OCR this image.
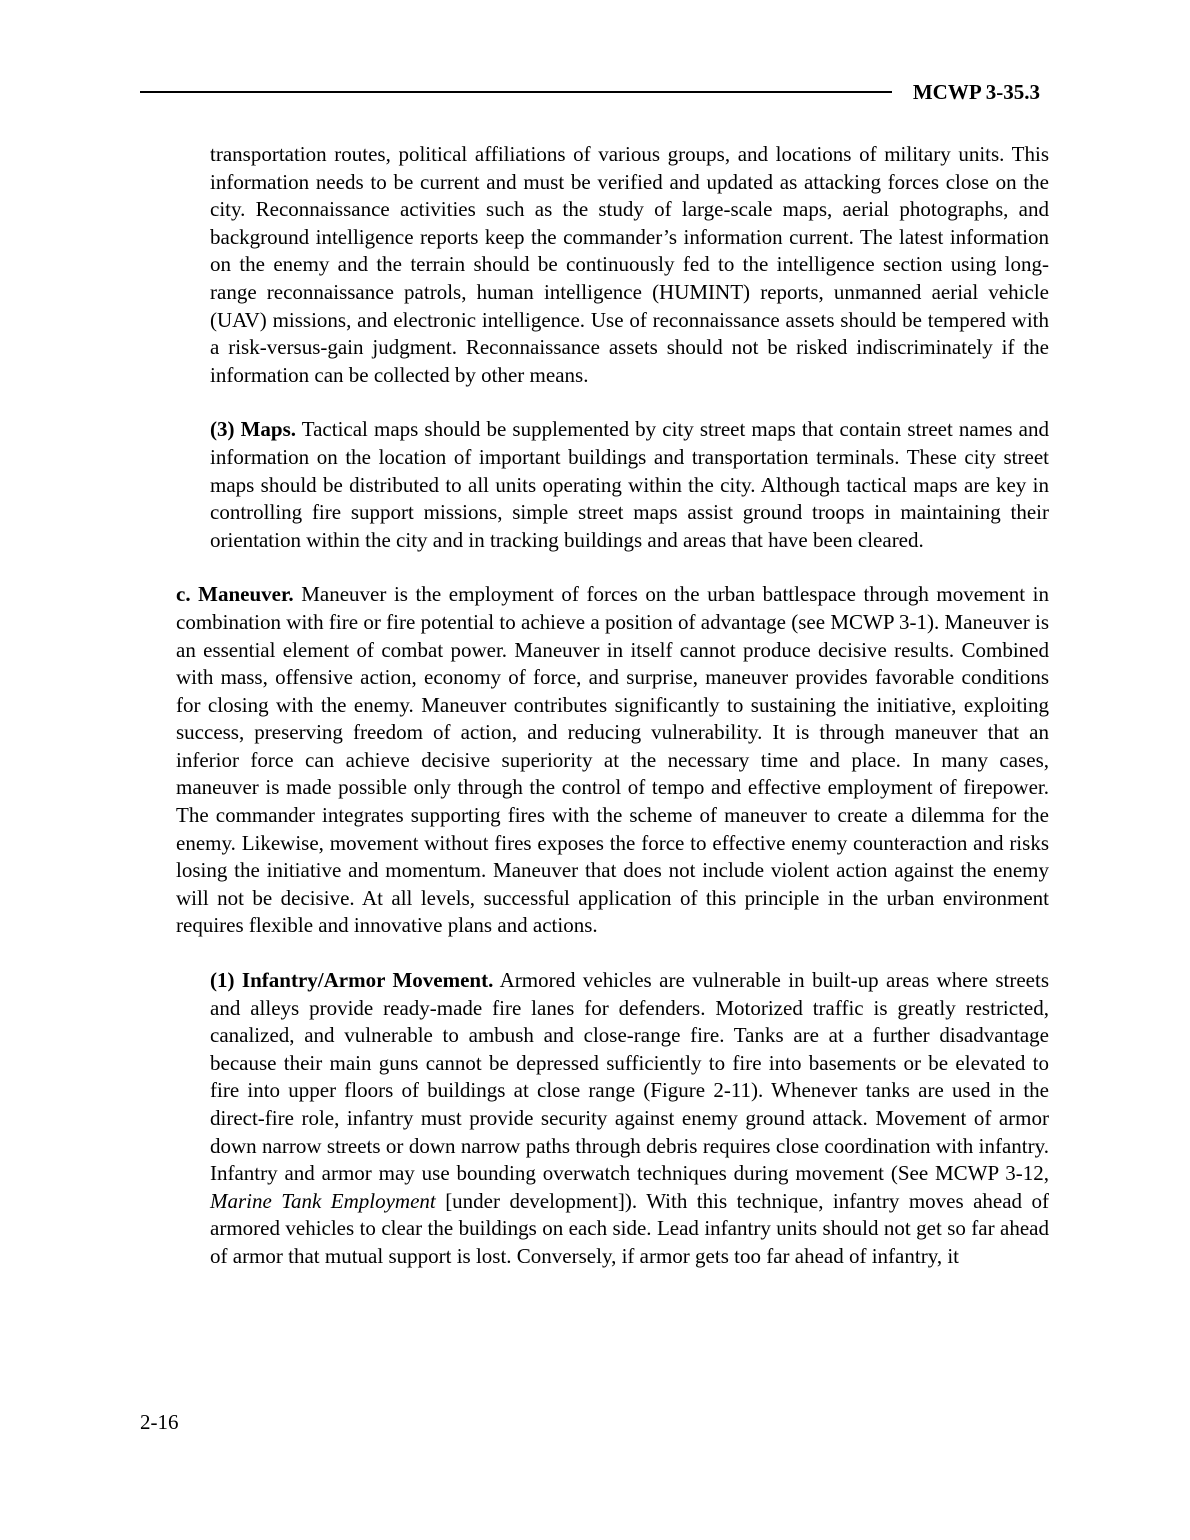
MCWP 3-35.3

transportation routes, political affiliations of various groups, and locations of military units. This information needs to be current and must be verified and updated as attacking forces close on the city. Reconnaissance activities such as the study of large-scale maps, aerial photographs, and background intelligence reports keep the commander’s information current. The latest information on the enemy and the terrain should be continuously fed to the intelligence section using long-range reconnaissance patrols, human intelligence (HUMINT) reports, unmanned aerial vehicle (UAV) missions, and electronic intelligence. Use of reconnaissance assets should be tempered with a risk-versus-gain judgment. Reconnaissance assets should not be risked indiscriminately if the information can be collected by other means.

(3) Maps. Tactical maps should be supplemented by city street maps that contain street names and information on the location of important buildings and transportation terminals. These city street maps should be distributed to all units operating within the city. Although tactical maps are key in controlling fire support missions, simple street maps assist ground troops in maintaining their orientation within the city and in tracking buildings and areas that have been cleared.

c. Maneuver. Maneuver is the employment of forces on the urban battlespace through movement in combination with fire or fire potential to achieve a position of advantage (see MCWP 3-1). Maneuver is an essential element of combat power. Maneuver in itself cannot produce decisive results. Combined with mass, offensive action, economy of force, and surprise, maneuver provides favorable conditions for closing with the enemy. Maneuver contributes significantly to sustaining the initiative, exploiting success, preserving freedom of action, and reducing vulnerability. It is through maneuver that an inferior force can achieve decisive superiority at the necessary time and place. In many cases, maneuver is made possible only through the control of tempo and effective employment of firepower. The commander integrates supporting fires with the scheme of maneuver to create a dilemma for the enemy. Likewise, movement without fires exposes the force to effective enemy counteraction and risks losing the initiative and momentum. Maneuver that does not include violent action against the enemy will not be decisive. At all levels, successful application of this principle in the urban environment requires flexible and innovative plans and actions.

(1) Infantry/Armor Movement. Armored vehicles are vulnerable in built-up areas where streets and alleys provide ready-made fire lanes for defenders. Motorized traffic is greatly restricted, canalized, and vulnerable to ambush and close-range fire. Tanks are at a further disadvantage because their main guns cannot be depressed sufficiently to fire into basements or be elevated to fire into upper floors of buildings at close range (Figure 2-11). Whenever tanks are used in the direct-fire role, infantry must provide security against enemy ground attack. Movement of armor down narrow streets or down narrow paths through debris requires close coordination with infantry. Infantry and armor may use bounding overwatch techniques during movement (See MCWP 3-12, Marine Tank Employment [under development]). With this technique, infantry moves ahead of armored vehicles to clear the buildings on each side. Lead infantry units should not get so far ahead of armor that mutual support is lost. Conversely, if armor gets too far ahead of infantry, it

2-16
